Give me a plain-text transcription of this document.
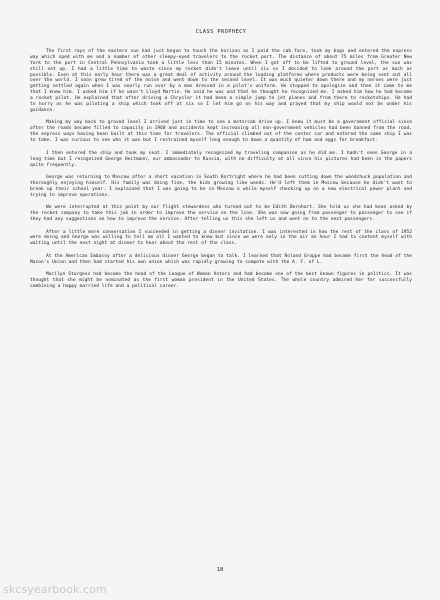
CLASS PROPHECY

The first rays of the eastern sun had just begun to touch the horizon as I paid the cab fare, took my bags and entered the express way which sped with me and a number of other sleepy-eyed travelers to the rocket port. The distance of about 75 miles from Greater New York to the port in Central Pennsylvania took a little less than 15 minutes. When I got off to be lifted to ground level, the sun was still not up. I had a little time to waste since my rocket didn't leave until six so I decided to look around the port as much as possible. Even at this early hour there was a great deal of activity around the loading platforms where products were being sent out all over the world. I soon grew tired of the noise and went down to the second level. It was much quieter down there and my nerves were just getting settled again when I was nearly run over by a man dressed in a pilot's uniform. He stopped to apologize and then it came to me that I knew him. I asked him if he wasn't Lloyd Martin. He said he was and that he thought he recognized me. I asked him how he had become a rocket pilot. He explained that after driving a Chrysler it had been a simple jump to jet planes and from there to rocketships. He had to hurry as he was piloting a ship which took off at six so I let him go on his way and prayed that my ship would not be under his guidance.

Making my way back to ground level I arrived just in time to see a motorcab drive up. I knew it must be a government official since after the roads became filled to capacity in 1968 and accidents kept increasing all non-government vehicles had been banned from the road, the express ways having been built at this time for travelers. The official climbed out of the center car and entered the same ship I was to take. I was curious to see who it was but I restrained myself long enough to down a quantity of ham and eggs for breakfast.

I then entered the ship and took my seat. I immediately recognized my traveling companion as he did me. I hadn't seen George in a long time but I recognized George Heitmann, our ambassador to Russia, with no difficulty at all since his pictures had been in the papers quite frequently.

George was returning to Moscow after a short vacation in South Kortright where he had been cutting down the woodchuck population and thoroughly enjoying himself. His family was doing fine, the kids growing like weeds. He'd left them in Moscow because he didn't want to break up their school year. I explained that I was going to be in Moscow a while myself checking up on a new electrical power plant and trying to improve operations.

We were interrupted at this point by our flight stewardess who turned out to be Edith Bernhart. She told us she had been asked by the rocket company to take this job in order to improve the service on the line. She was now going from passenger to passenger to see if they had any suggestions on how to improve the service. After telling us this she left us and went on to the next passengers.

After a little more conversation I succeeded in getting a dinner invitation. I was interested in how the rest of the class of 1952 were doing and George was willing to tell me all I wanted to know but since we were only in the air an hour I had to content myself with waiting until the next night at dinner to hear about the rest of the class.

At the American Embassy after a delicious dinner George began to talk. I learned that Roland Groppe had become first the head of the Mason's Union and then had started his own union which was rapidly growing to compete with the A. F. of L.

Marilyn Sturgess had become the head of the League of Women Voters and had become one of the best known figures in politics. It was thought that she might be nominated as the first woman president in the United States. The whole country admired her for successfully combining a happy married life and a political career.

18
skcsyearbook.com
